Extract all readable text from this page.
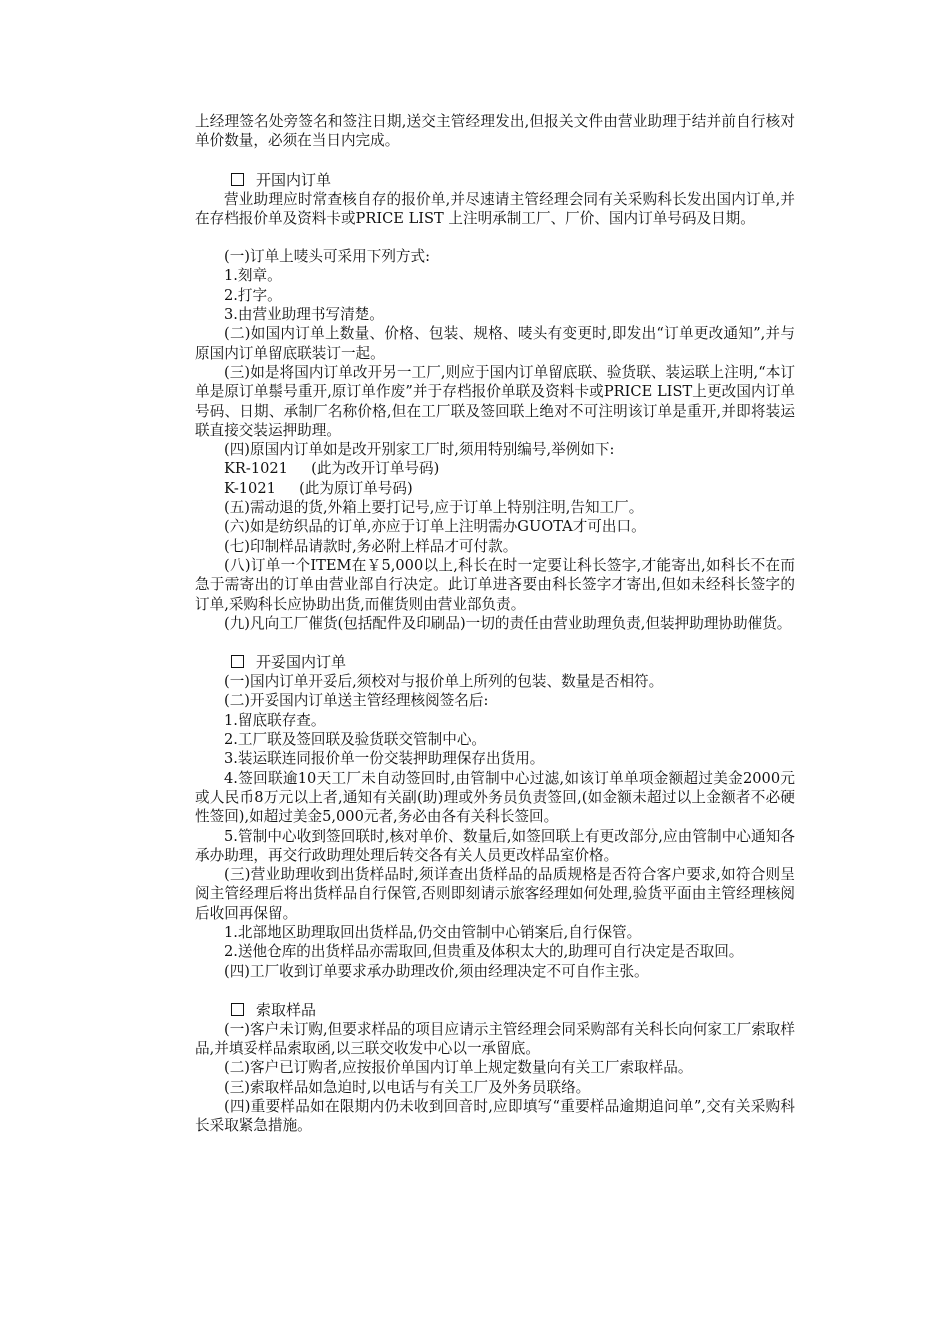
上经理签名处旁签名和签注日期,送交主管经理发出,但报关文件由营业助理于结并前自行核对单价数量，必须在当日内完成。

开国内订单

营业助理应时常查核自存的报价单,并尽速请主管经理会同有关采购科长发出国内订单,并在存档报价单及资料卡或PRICE LIST 上注明承制工厂、厂价、国内订单号码及日期。

(一)订单上唛头可采用下列方式:

1.刻章。

2.打字。

3.由营业助理书写清楚。

(二)如国内订单上数量、价格、包装、规格、唛头有变更时,即发出“订单更改通知”,并与原国内订单留底联装订一起。

(三)如是将国内订单改开另一工厂,则应于国内订单留底联、验货联、装运联上注明,“本订单是原订单鬃号重开,原订单作废”并于存档报价单联及资料卡或PRICE LIST上更改国内订单号码、日期、承制厂名称价格,但在工厂联及签回联上绝对不可注明该订单是重开,并即将装运联直接交装运押助理。

(四)原国内订单如是改开别家工厂时,须用特别编号,举例如下:

KR-1021     (此为改开订单号码)

K-1021     (此为原订单号码)

(五)需动退的货,外箱上要打记号,应于订单上特别注明,告知工厂。

(六)如是纺织品的订单,亦应于订单上注明需办GUOTA才可出口。

(七)印制样品请款时,务必附上样品才可付款。

(八)订单一个ITEM在￥5,000以上,科长在时一定要让科长签字,才能寄出,如科长不在而急于需寄出的订单由营业部自行决定。此订单进吝要由科长签字才寄出,但如未经科长签字的订单,采购科长应协助出货,而催货则由营业部负责。

(九)凡向工厂催货(包括配件及印刷品)一切的责任由营业助理负责,但装押助理协助催货。

开妥国内订单

(一)国内订单开妥后,须校对与报价单上所列的包装、数量是否相符。

(二)开妥国内订单送主管经理核阅签名后:

1.留底联存查。

2.工厂联及签回联及验货联交管制中心。

3.装运联连同报价单一份交装押助理保存出货用。

4.签回联逾10天工厂未自动签回时,由管制中心过滤,如该订单单项金额超过美金2000元或人民币8万元以上者,通知有关副(助)理或外务员负责签回,(如金额未超过以上金额者不必硬性签回),如超过美金5,000元者,务必由各有关科长签回。

5.管制中心收到签回联时,核对单价、数量后,如签回联上有更改部分,应由管制中心通知各承办助理，再交行政助理处理后转交各有关人员更改样品室价格。

(三)营业助理收到出货样品时,须详查出货样品的品质规格是否符合客户要求,如符合则呈阅主管经理后将出货样品自行保管,否则即刻请示旅客经理如何处理,验货平面由主管经理核阅后收回再保留。

1.北部地区助理取回出货样品,仍交由管制中心销案后,自行保管。

2.送他仓库的出货样品亦需取回,但贵重及体积太大的,助理可自行决定是否取回。

(四)工厂收到订单要求承办助理改价,须由经理决定不可自作主张。

索取样品

(一)客户未订购,但要求样品的项目应请示主管经理会同采购部有关科长向何家工厂索取样品,并填妥样品索取函,以三联交收发中心以一承留底。

(二)客户已订购者,应按报价单国内订单上规定数量向有关工厂索取样品。

(三)索取样品如急迫时,以电话与有关工厂及外务员联络。

(四)重要样品如在限期内仍未收到回音时,应即填写“重要样品逾期追问单”,交有关采购科长采取紧急措施。
